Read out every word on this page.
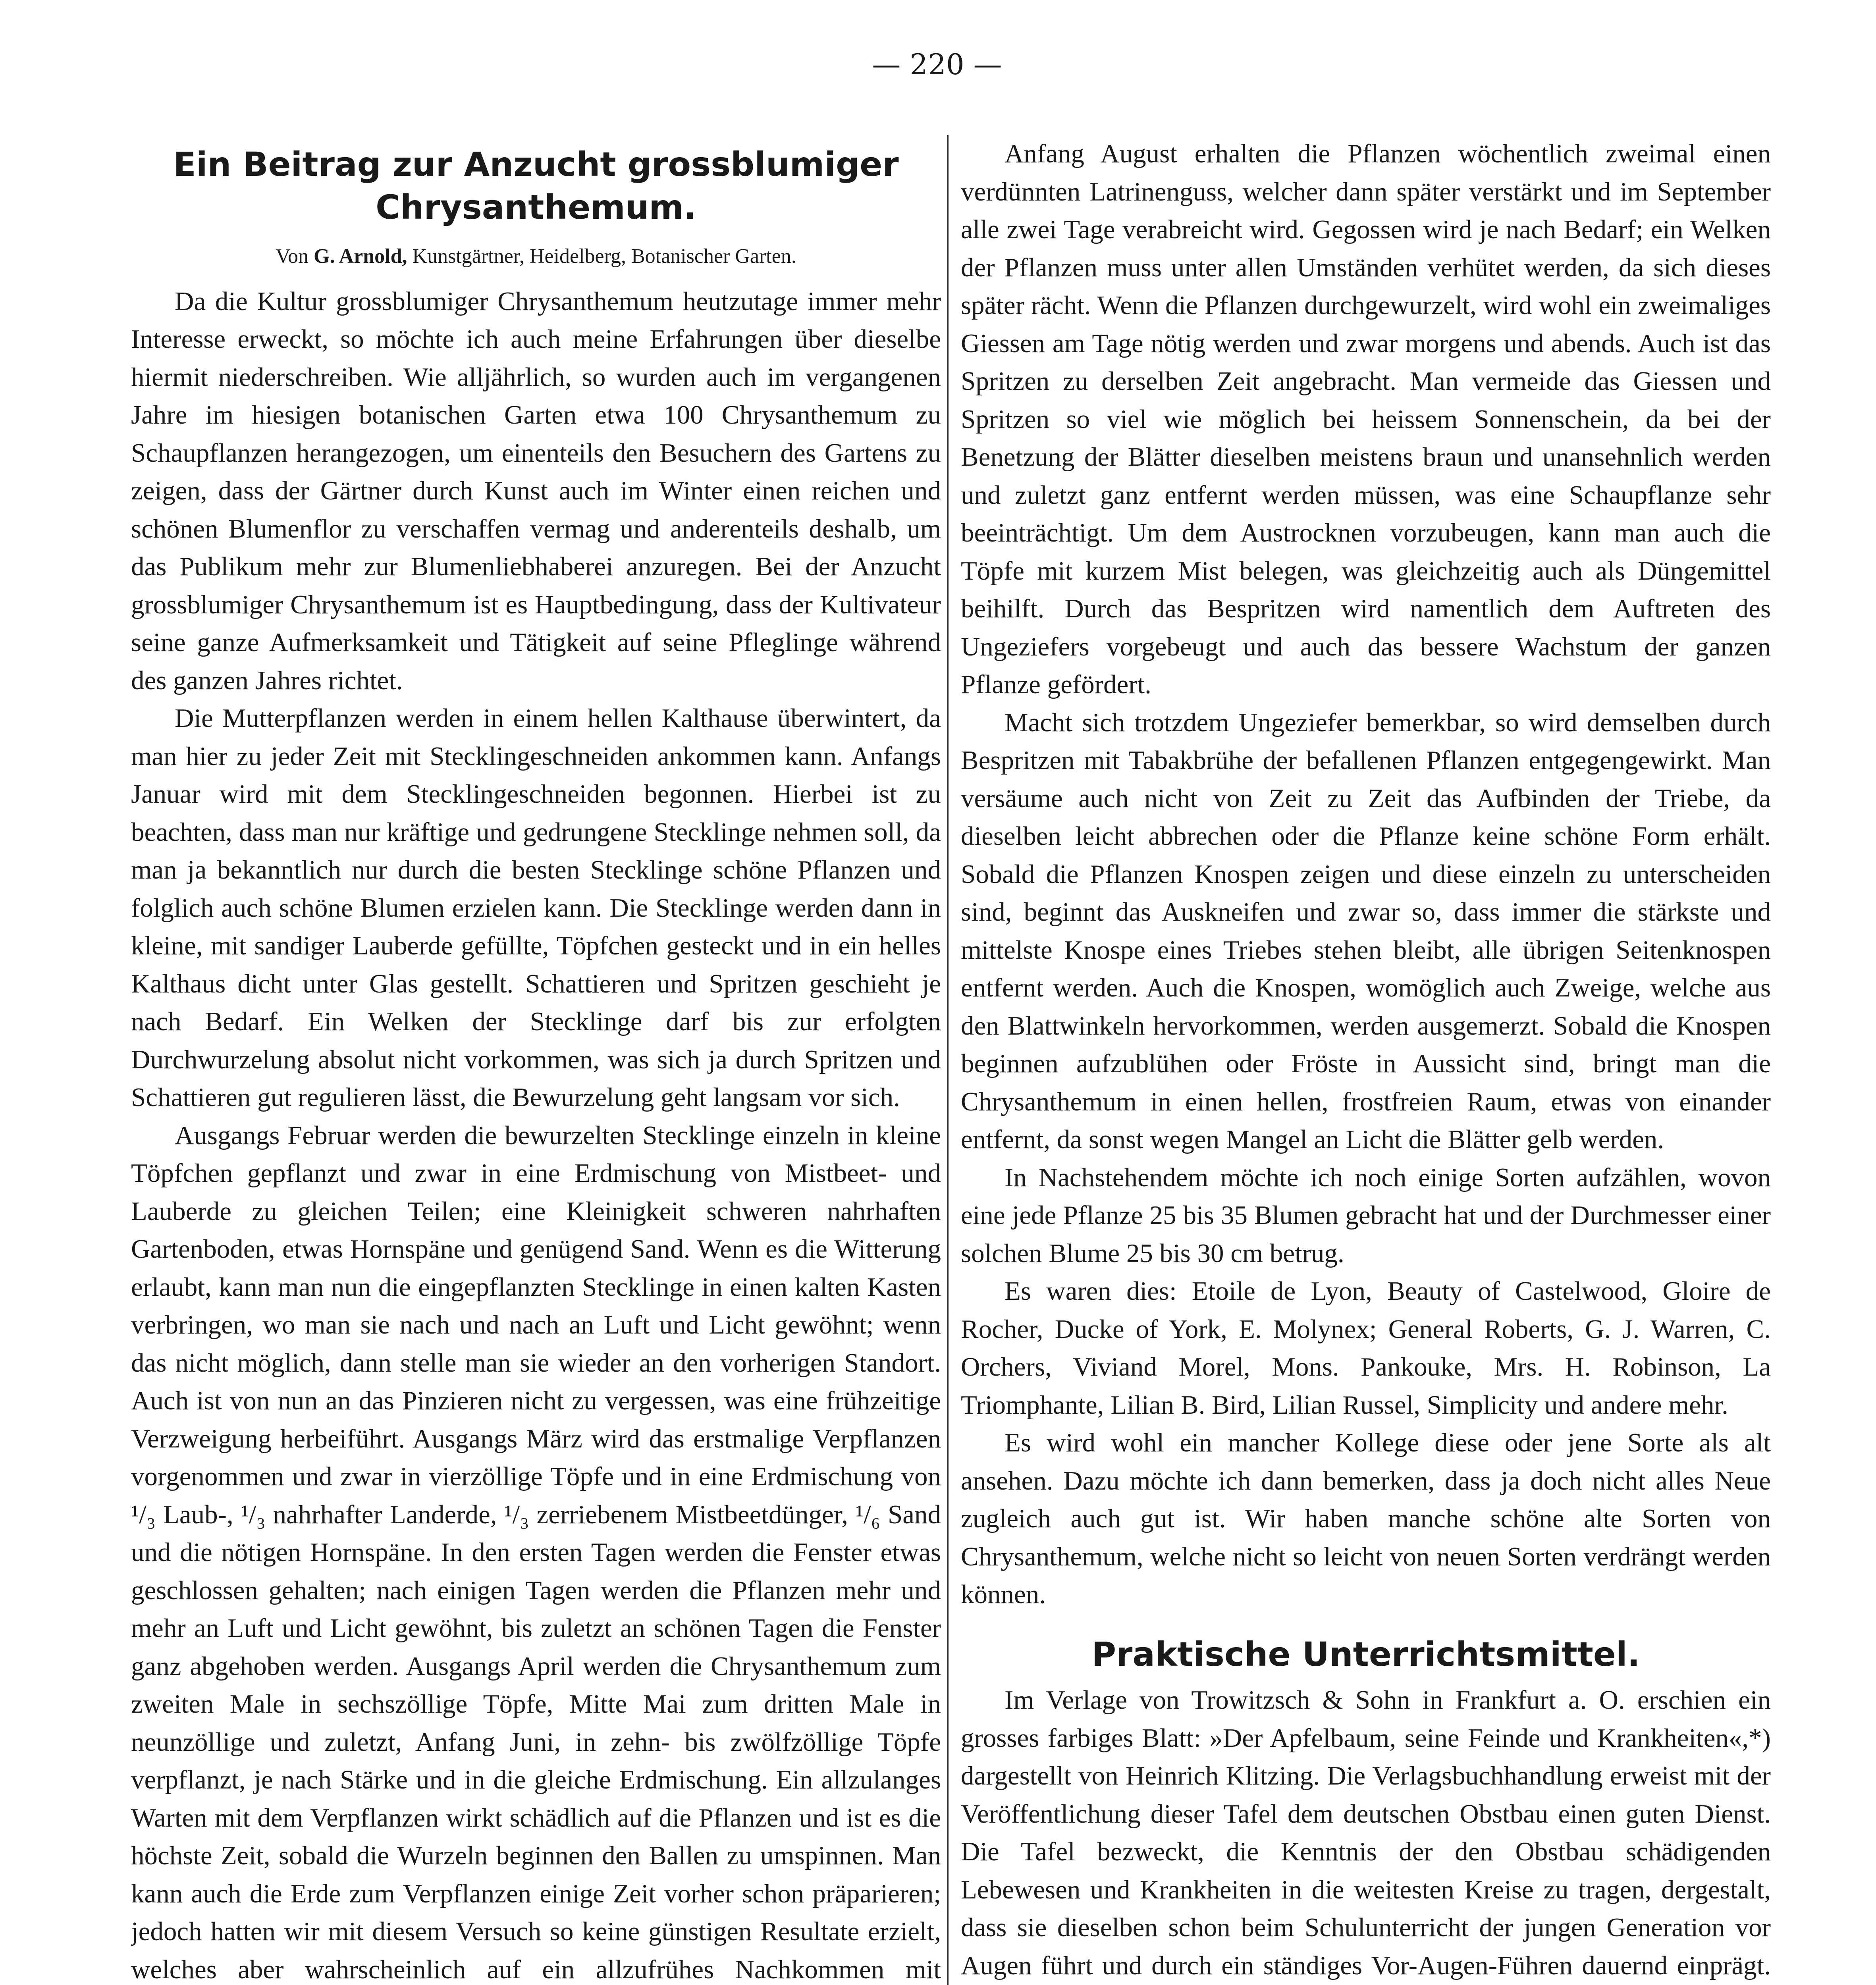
— 220 —
Ein Beitrag zur Anzucht grossblumiger Chrysanthemum.
Von G. Arnold, Kunstgärtner, Heidelberg, Botanischer Garten.

Da die Kultur grossblumiger Chrysanthemum heutzutage immer mehr Interesse erweckt, so möchte ich auch meine Erfahrungen über dieselbe hiermit niederschreiben. Wie alljährlich, so wurden auch im vergangenen Jahre im hiesigen botanischen Garten etwa 100 Chrysanthemum zu Schaupflanzen herangezogen, um einenteils den Besuchern des Gartens zu zeigen, dass der Gärtner durch Kunst auch im Winter einen reichen und schönen Blumenflor zu verschaffen vermag und anderenteils deshalb, um das Publikum mehr zur Blumenliebhaberei anzuregen. Bei der Anzucht grossblumiger Chrysanthemum ist es Hauptbedingung, dass der Kultivateur seine ganze Aufmerksamkeit und Tätigkeit auf seine Pfleglinge während des ganzen Jahres richtet.

Die Mutterpflanzen werden in einem hellen Kalthause überwintert, da man hier zu jeder Zeit mit Stecklingeschneiden ankommen kann. Anfangs Januar wird mit dem Stecklingeschneiden begonnen. Hierbei ist zu beachten, dass man nur kräftige und gedrungene Stecklinge nehmen soll, da man ja bekanntlich nur durch die besten Stecklinge schöne Pflanzen und folglich auch schöne Blumen erzielen kann. Die Stecklinge werden dann in kleine, mit sandiger Lauberde gefüllte, Töpfchen gesteckt und in ein helles Kalthaus dicht unter Glas gestellt. Schattieren und Spritzen geschieht je nach Bedarf. Ein Welken der Stecklinge darf bis zur erfolgten Durchwurzelung absolut nicht vorkommen, was sich ja durch Spritzen und Schattieren gut regulieren lässt, die Bewurzelung geht langsam vor sich.

Ausgangs Februar werden die bewurzelten Stecklinge einzeln in kleine Töpfchen gepflanzt und zwar in eine Erdmischung von Mistbeet- und Lauberde zu gleichen Teilen; eine Kleinigkeit schweren nahrhaften Gartenboden, etwas Hornspäne und genügend Sand. Wenn es die Witterung erlaubt, kann man nun die eingepflanzten Stecklinge in einen kalten Kasten verbringen, wo man sie nach und nach an Luft und Licht gewöhnt; wenn das nicht möglich, dann stelle man sie wieder an den vorherigen Standort. Auch ist von nun an das Pinzieren nicht zu vergessen, was eine frühzeitige Verzweigung herbeiführt. Ausgangs März wird das erstmalige Verpflanzen vorgenommen und zwar in vierzöllige Töpfe und in eine Erdmischung von ¹/₃ Laub-, ¹/₃ nahrhafter Landerde, ¹/₃ zerriebenem Mistbeetdünger, ¹/₆ Sand und die nötigen Hornspäne. In den ersten Tagen werden die Fenster etwas geschlossen gehalten; nach einigen Tagen werden die Pflanzen mehr und mehr an Luft und Licht gewöhnt, bis zuletzt an schönen Tagen die Fenster ganz abgehoben werden. Ausgangs April werden die Chrysanthemum zum zweiten Male in sechszöllige Töpfe, Mitte Mai zum dritten Male in neunzöllige und zuletzt, Anfang Juni, in zehn- bis zwölfzöllige Töpfe verpflanzt, je nach Stärke und in die gleiche Erdmischung. Ein allzulanges Warten mit dem Verpflanzen wirkt schädlich auf die Pflanzen und ist es die höchste Zeit, sobald die Wurzeln beginnen den Ballen zu umspinnen. Man kann auch die Erde zum Verpflanzen einige Zeit vorher schon präparieren; jedoch hatten wir mit diesem Versuch so keine günstigen Resultate erzielt, welches aber wahrscheinlich auf ein allzufrühes Nachkommen mit

Anfang August erhalten die Pflanzen wöchentlich zweimal einen verdünnten Latrinenguss, welcher dann später verstärkt und im September alle zwei Tage verabreicht wird. Gegossen wird je nach Bedarf; ein Welken der Pflanzen muss unter allen Umständen verhütet werden, da sich dieses später rächt. Wenn die Pflanzen durchgewurzelt, wird wohl ein zweimaliges Giessen am Tage nötig werden und zwar morgens und abends. Auch ist das Spritzen zu derselben Zeit angebracht. Man vermeide das Giessen und Spritzen so viel wie möglich bei heissem Sonnenschein, da bei der Benetzung der Blätter dieselben meistens braun und unansehnlich werden und zuletzt ganz entfernt werden müssen, was eine Schaupflanze sehr beeinträchtigt. Um dem Austrocknen vorzubeugen, kann man auch die Töpfe mit kurzem Mist belegen, was gleichzeitig auch als Düngemittel beihilft. Durch das Bespritzen wird namentlich dem Auftreten des Ungeziefers vorgebeugt und auch das bessere Wachstum der ganzen Pflanze gefördert.

Macht sich trotzdem Ungeziefer bemerkbar, so wird demselben durch Bespritzen mit Tabakbrühe der befallenen Pflanzen entgegengewirkt. Man versäume auch nicht von Zeit zu Zeit das Aufbinden der Triebe, da dieselben leicht abbrechen oder die Pflanze keine schöne Form erhält. Sobald die Pflanzen Knospen zeigen und diese einzeln zu unterscheiden sind, beginnt das Auskneifen und zwar so, dass immer die stärkste und mittelste Knospe eines Triebes stehen bleibt, alle übrigen Seitenknospen entfernt werden. Auch die Knospen, womöglich auch Zweige, welche aus den Blattwinkeln hervorkommen, werden ausgemerzt. Sobald die Knospen beginnen aufzublühen oder Fröste in Aussicht sind, bringt man die Chrysanthemum in einen hellen, frostfreien Raum, etwas von einander entfernt, da sonst wegen Mangel an Licht die Blätter gelb werden.

In Nachstehendem möchte ich noch einige Sorten aufzählen, wovon eine jede Pflanze 25 bis 35 Blumen gebracht hat und der Durchmesser einer solchen Blume 25 bis 30 cm betrug.

Es waren dies: Etoile de Lyon, Beauty of Castelwood, Gloire de Rocher, Ducke of York, E. Molynex; General Roberts, G. J. Warren, C. Orchers, Viviand Morel, Mons. Pankouke, Mrs. H. Robinson, La Triomphante, Lilian B. Bird, Lilian Russel, Simplicity und andere mehr.

Es wird wohl ein mancher Kollege diese oder jene Sorte als alt ansehen. Dazu möchte ich dann bemerken, dass ja doch nicht alles Neue zugleich auch gut ist. Wir haben manche schöne alte Sorten von Chrysanthemum, welche nicht so leicht von neuen Sorten verdrängt werden können.

Praktische Unterrichtsmittel.

Im Verlage von Trowitzsch & Sohn in Frankfurt a. O. erschien ein grosses farbiges Blatt: »Der Apfelbaum, seine Feinde und Krankheiten«,*) dargestellt von Heinrich Klitzing. Die Verlagsbuchhandlung erweist mit der Veröffentlichung dieser Tafel dem deutschen Obstbau einen guten Dienst. Die Tafel bezweckt, die Kenntnis der den Obstbau schädigenden Lebewesen und Krankheiten in die weitesten Kreise zu tragen, dergestalt, dass sie dieselben schon beim Schulunterricht der jungen Generation vor Augen führt und durch ein ständiges Vor-Augen-Führen dauernd einprägt.
